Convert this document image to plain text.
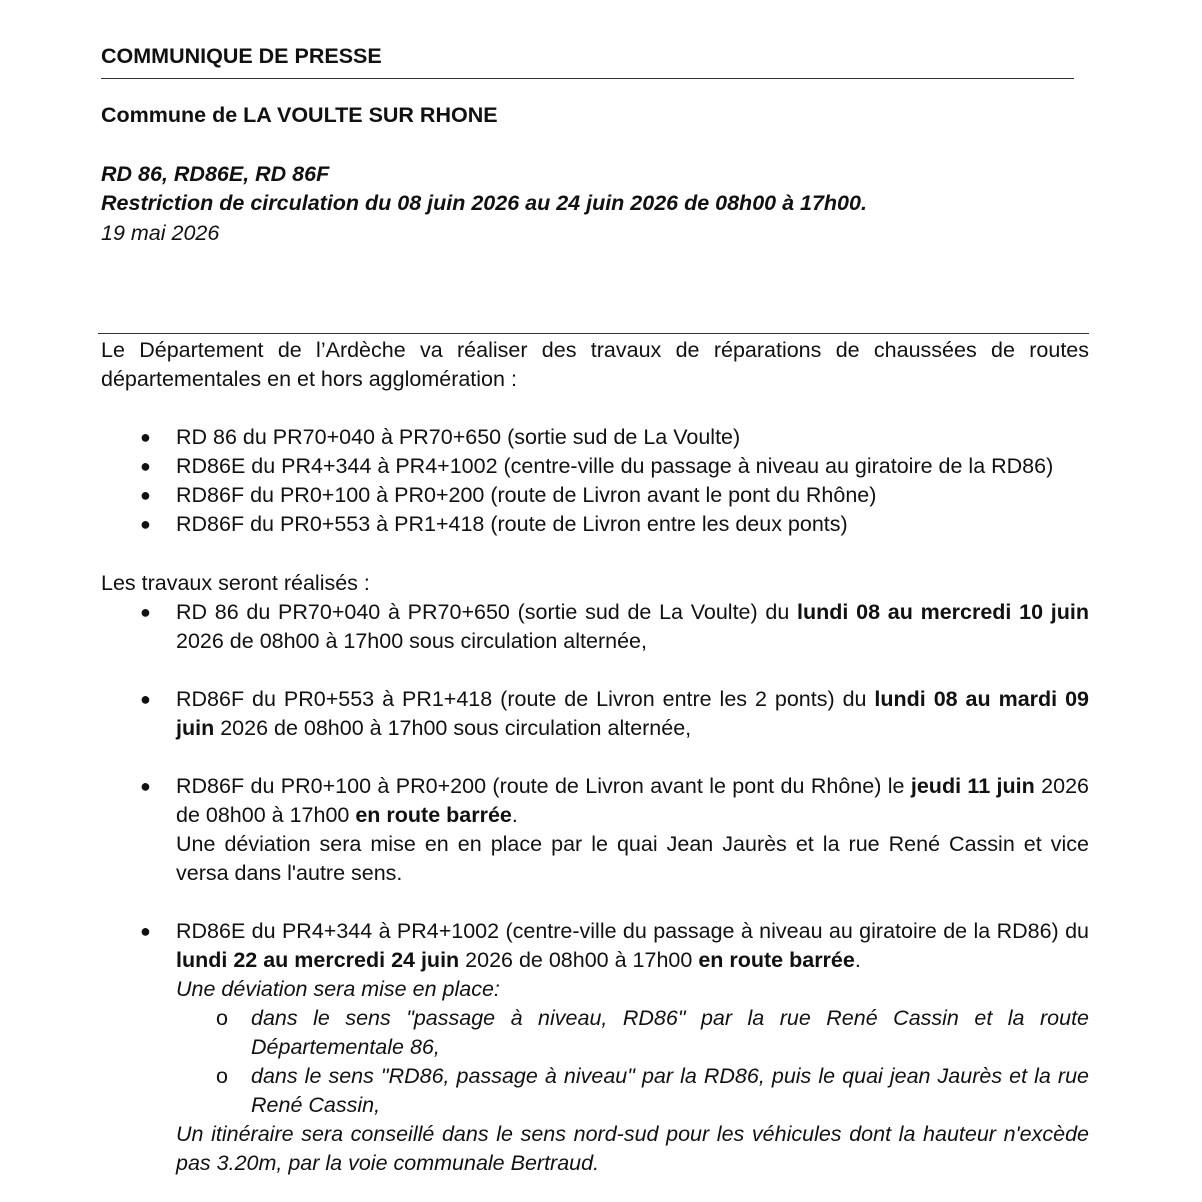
COMMUNIQUE DE PRESSE
Commune de LA VOULTE SUR RHONE
RD 86, RD86E, RD 86F
Restriction de circulation du 08 juin 2026 au 24 juin 2026 de 08h00 à 17h00.
19 mai 2026
Le Département de l’Ardèche va réaliser des travaux de réparations de chaussées de routes départementales en et hors agglomération :
● RD 86 du PR70+040 à PR70+650 (sortie sud de La Voulte)
● RD86E du PR4+344 à PR4+1002 (centre-ville du passage à niveau au giratoire de la RD86)
● RD86F du PR0+100 à PR0+200 (route de Livron avant le pont du Rhône)
● RD86F du PR0+553 à PR1+418 (route de Livron entre les deux ponts)
Les travaux seront réalisés :
● RD 86 du PR70+040 à PR70+650 (sortie sud de La Voulte) du lundi 08 au mercredi 10 juin 2026 de 08h00 à 17h00 sous circulation alternée,
● RD86F du PR0+553 à PR1+418 (route de Livron entre les 2 ponts) du lundi 08 au mardi 09 juin 2026 de 08h00 à 17h00 sous circulation alternée,
● RD86F du PR0+100 à PR0+200 (route de Livron avant le pont du Rhône) le jeudi 11 juin 2026 de 08h00 à 17h00 en route barrée.
Une déviation sera mise en en place par le quai Jean Jaurès et la rue René Cassin et vice versa dans l'autre sens.
● RD86E du PR4+344 à PR4+1002 (centre-ville du passage à niveau au giratoire de la RD86) du lundi 22 au mercredi 24 juin 2026 de 08h00 à 17h00 en route barrée.
Une déviation sera mise en place:
o dans le sens "passage à niveau, RD86" par la rue René Cassin et la route Départementale 86,
o dans le sens "RD86, passage à niveau" par la RD86, puis le quai jean Jaurès et la rue René Cassin,
Un itinéraire sera conseillé dans le sens nord-sud pour les véhicules dont la hauteur n'excède pas 3.20m, par la voie communale Bertraud.
